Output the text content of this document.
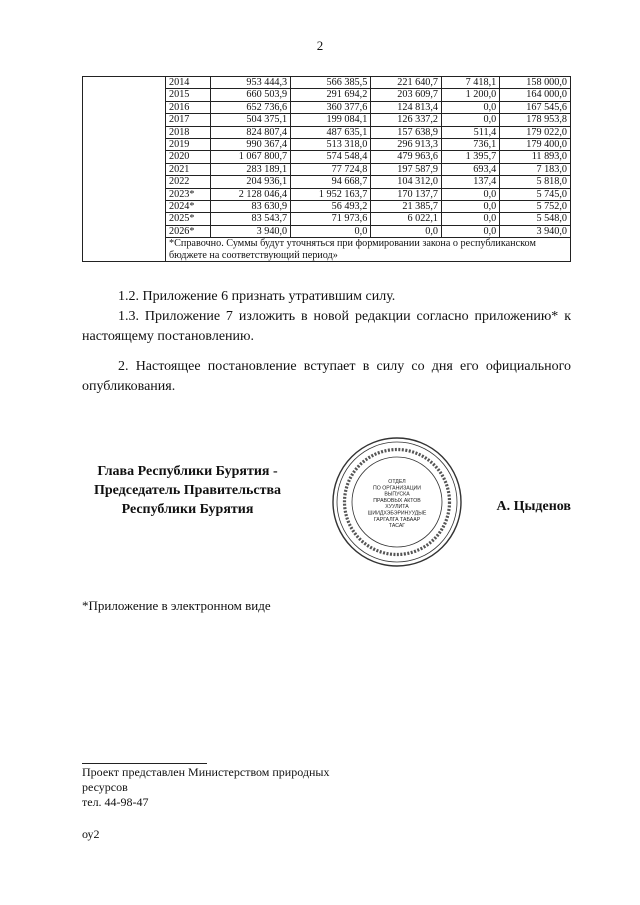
2
	2014	953 444,3	566 385,5	221 640,7	7 418,1	158 000,0
	2015	660 503,9	291 694,2	203 609,7	1 200,0	164 000,0
	2016	652 736,6	360 377,6	124 813,4	0,0	167 545,6
	2017	504 375,1	199 084,1	126 337,2	0,0	178 953,8
	2018	824 807,4	487 635,1	157 638,9	511,4	179 022,0
	2019	990 367,4	513 318,0	296 913,3	736,1	179 400,0
	2020	1 067 800,7	574 548,4	479 963,6	1 395,7	11 893,0
	2021	283 189,1	77 724,8	197 587,9	693,4	7 183,0
	2022	204 936,1	94 668,7	104 312,0	137,4	5 818,0
	2023*	2 128 046,4	1 952 163,7	170 137,7	0,0	5 745,0
	2024*	83 630,9	56 493,2	21 385,7	0,0	5 752,0
	2025*	83 543,7	71 973,6	6 022,1	0,0	5 548,0
	2026*	3 940,0	0,0	0,0	0,0	3 940,0
	*Справочно. Суммы будут уточняться при формировании закона о республиканском бюджете на соответствующий период»					
1.2. Приложение 6 признать утратившим силу.
1.3. Приложение 7 изложить в новой редакции согласно приложению* к настоящему постановлению.
2. Настоящее постановление вступает в силу со дня его официального опубликования.
Глава Республики Бурятия -
Председатель Правительства
Республики Бурятия
ОТДЕЛ
ПО ОРГАНИЗАЦИИ
ВЫПУСКА
ПРАВОВЫХ АКТОВ
ХУУЛИТА
ШИИДХЭБЭРИНУУДЫЕ
ГАРГАЛГА ТАБААР
ТАСАГ
А. Цыденов
*Приложение в электронном виде
Проект представлен Министерством природных
ресурсов
тел. 44-98-47
оу2
